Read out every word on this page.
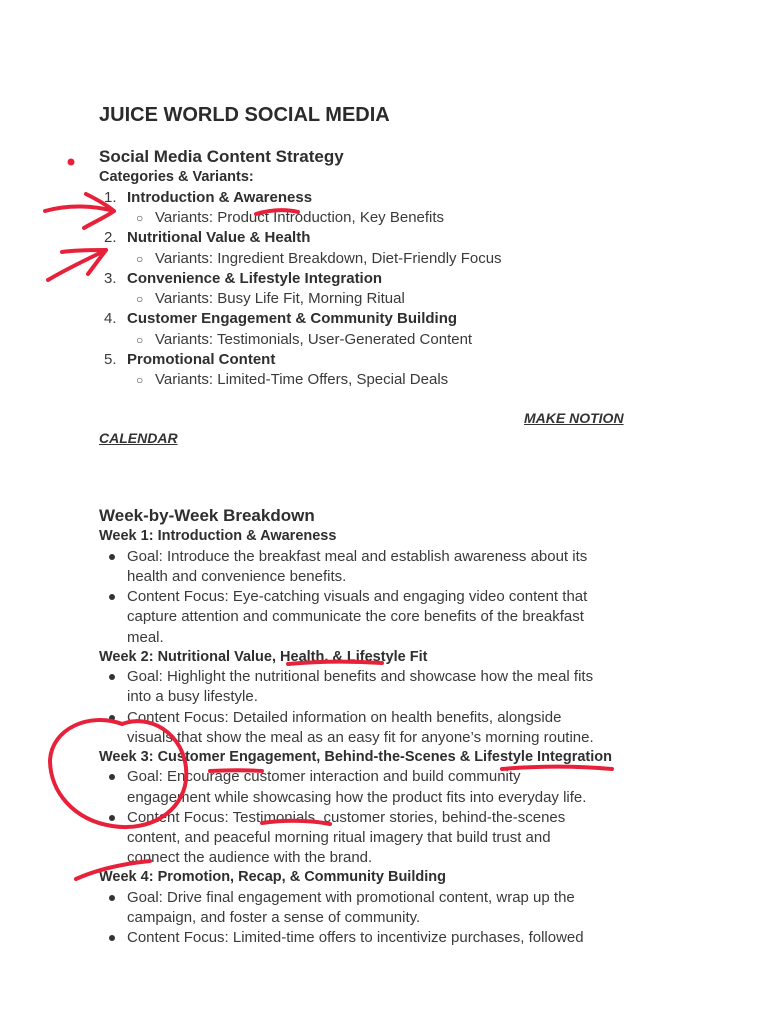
JUICE WORLD SOCIAL MEDIA
Social Media Content Strategy
Categories & Variants:
1. Introduction & Awareness
○ Variants: Product Introduction, Key Benefits
2. Nutritional Value & Health
○ Variants: Ingredient Breakdown, Diet-Friendly Focus
3. Convenience & Lifestyle Integration
○ Variants: Busy Life Fit, Morning Ritual
4. Customer Engagement & Community Building
○ Variants: Testimonials, User-Generated Content
5. Promotional Content
○ Variants: Limited-Time Offers, Special Deals
MAKE NOTION
CALENDAR
Week-by-Week Breakdown
Week 1: Introduction & Awareness
Goal: Introduce the breakfast meal and establish awareness about its
health and convenience benefits.
Content Focus: Eye-catching visuals and engaging video content that
capture attention and communicate the core benefits of the breakfast
meal.
Week 2: Nutritional Value, Health, & Lifestyle Fit
Goal: Highlight the nutritional benefits and showcase how the meal fits
into a busy lifestyle.
Content Focus: Detailed information on health benefits, alongside
visuals that show the meal as an easy fit for anyone’s morning routine.
Week 3: Customer Engagement, Behind-the-Scenes & Lifestyle Integration
Goal: Encourage customer interaction and build community
engagement while showcasing how the product fits into everyday life.
Content Focus: Testimonials, customer stories, behind-the-scenes
content, and peaceful morning ritual imagery that build trust and
connect the audience with the brand.
Week 4: Promotion, Recap, & Community Building
Goal: Drive final engagement with promotional content, wrap up the
campaign, and foster a sense of community.
Content Focus: Limited-time offers to incentivize purchases, followed
